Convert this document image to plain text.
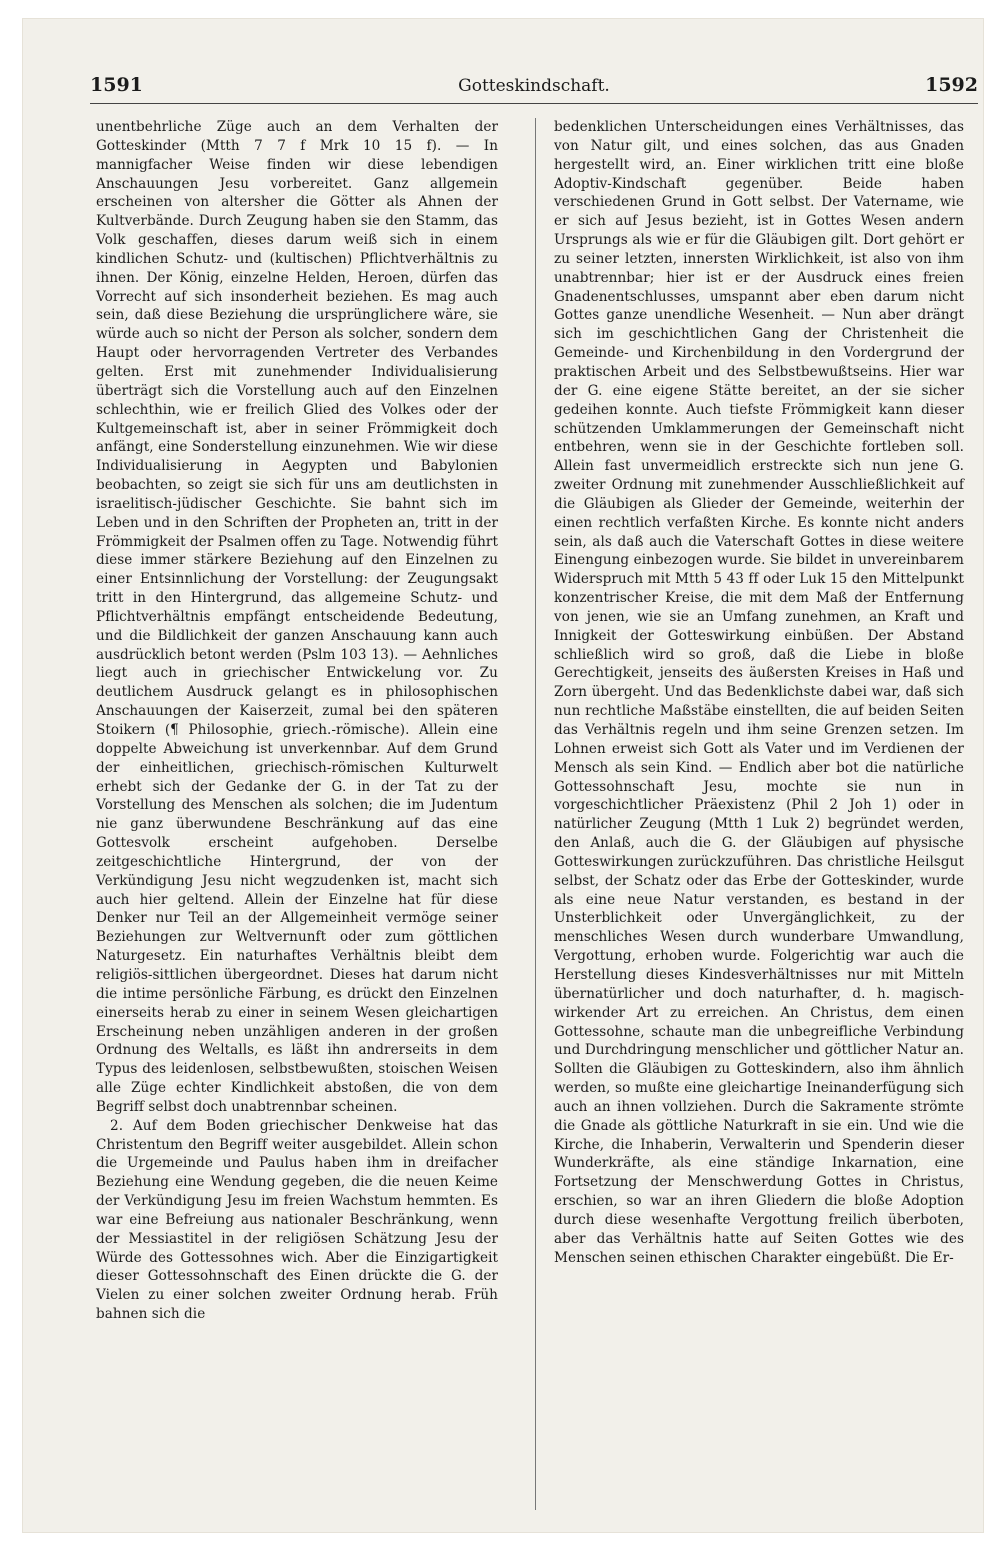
1591	Gotteskindschaft.	1592

unentbehrliche Züge auch an dem Verhalten der Gotteskinder (Mtth 7 7 f Mrk 10 15 f). — In mannigfacher Weise finden wir diese lebendigen Anschauungen Jesu vorbereitet. Ganz allgemein erscheinen von altersher die Götter als Ahnen der Kultverbände. Durch Zeugung haben sie den Stamm, das Volk geschaffen, dieses darum weiß sich in einem kindlichen Schutz- und (kultischen) Pflichtverhältnis zu ihnen. Der König, einzelne Helden, Heroen, dürfen das Vorrecht auf sich insonderheit beziehen. Es mag auch sein, daß diese Beziehung die ursprünglichere wäre, sie würde auch so nicht der Person als solcher, sondern dem Haupt oder hervorragenden Vertreter des Verbandes gelten. Erst mit zunehmender Individualisierung überträgt sich die Vorstellung auch auf den Einzelnen schlechthin, wie er freilich Glied des Volkes oder der Kultgemeinschaft ist, aber in seiner Frömmigkeit doch anfängt, eine Sonderstellung einzunehmen. Wie wir diese Individualisierung in Aegypten und Babylonien beobachten, so zeigt sie sich für uns am deutlichsten in israelitisch-jüdischer Geschichte. Sie bahnt sich im Leben und in den Schriften der Propheten an, tritt in der Frömmigkeit der Psalmen offen zu Tage. Notwendig führt diese immer stärkere Beziehung auf den Einzelnen zu einer Entsinnlichung der Vorstellung: der Zeugungsakt tritt in den Hintergrund, das allgemeine Schutz- und Pflichtverhältnis empfängt entscheidende Bedeutung, und die Bildlichkeit der ganzen Anschauung kann auch ausdrücklich betont werden (Pslm 103 13). — Aehnliches liegt auch in griechischer Entwickelung vor. Zu deutlichem Ausdruck gelangt es in philosophischen Anschauungen der Kaiserzeit, zumal bei den späteren Stoikern (¶ Philosophie, griech.-römische). Allein eine doppelte Abweichung ist unverkennbar. Auf dem Grund der einheitlichen, griechisch-römischen Kulturwelt erhebt sich der Gedanke der G. in der Tat zu der Vorstellung des Menschen als solchen; die im Judentum nie ganz überwundene Beschränkung auf das eine Gottesvolk erscheint aufgehoben. Derselbe zeitgeschichtliche Hintergrund, der von der Verkündigung Jesu nicht wegzudenken ist, macht sich auch hier geltend. Allein der Einzelne hat für diese Denker nur Teil an der Allgemeinheit vermöge seiner Beziehungen zur Weltvernunft oder zum göttlichen Naturgesetz. Ein naturhaftes Verhältnis bleibt dem religiös-sittlichen übergeordnet. Dieses hat darum nicht die intime persönliche Färbung, es drückt den Einzelnen einerseits herab zu einer in seinem Wesen gleichartigen Erscheinung neben unzähligen anderen in der großen Ordnung des Weltalls, es läßt ihn andrerseits in dem Typus des leidenlosen, selbstbewußten, stoischen Weisen alle Züge echter Kindlichkeit abstoßen, die von dem Begriff selbst doch unabtrennbar scheinen.

2. Auf dem Boden griechischer Denkweise hat das Christentum den Begriff weiter ausgebildet. Allein schon die Urgemeinde und Paulus haben ihm in dreifacher Beziehung eine Wendung gegeben, die die neuen Keime der Verkündigung Jesu im freien Wachstum hemmten. Es war eine Befreiung aus nationaler Beschränkung, wenn der Messiastitel in der religiösen Schätzung Jesu der Würde des Gottessohnes wich. Aber die Einzigartigkeit dieser Gottessohnschaft des Einen drückte die G. der Vielen zu einer solchen zweiter Ordnung herab. Früh bahnen sich die

bedenklichen Unterscheidungen eines Verhältnisses, das von Natur gilt, und eines solchen, das aus Gnaden hergestellt wird, an. Einer wirklichen tritt eine bloße Adoptiv-Kindschaft gegenüber. Beide haben verschiedenen Grund in Gott selbst. Der Vatername, wie er sich auf Jesus bezieht, ist in Gottes Wesen andern Ursprungs als wie er für die Gläubigen gilt. Dort gehört er zu seiner letzten, innersten Wirklichkeit, ist also von ihm unabtrennbar; hier ist er der Ausdruck eines freien Gnadenentschlusses, umspannt aber eben darum nicht Gottes ganze unendliche Wesenheit. — Nun aber drängt sich im geschichtlichen Gang der Christenheit die Gemeinde- und Kirchenbildung in den Vordergrund der praktischen Arbeit und des Selbstbewußtseins. Hier war der G. eine eigene Stätte bereitet, an der sie sicher gedeihen konnte. Auch tiefste Frömmigkeit kann dieser schützenden Umklammerungen der Gemeinschaft nicht entbehren, wenn sie in der Geschichte fortleben soll. Allein fast unvermeidlich erstreckte sich nun jene G. zweiter Ordnung mit zunehmender Ausschließlichkeit auf die Gläubigen als Glieder der Gemeinde, weiterhin der einen rechtlich verfaßten Kirche. Es konnte nicht anders sein, als daß auch die Vaterschaft Gottes in diese weitere Einengung einbezogen wurde. Sie bildet in unvereinbarem Widerspruch mit Mtth 5 43 ff oder Luk 15 den Mittelpunkt konzentrischer Kreise, die mit dem Maß der Entfernung von jenen, wie sie an Umfang zunehmen, an Kraft und Innigkeit der Gotteswirkung einbüßen. Der Abstand schließlich wird so groß, daß die Liebe in bloße Gerechtigkeit, jenseits des äußersten Kreises in Haß und Zorn übergeht. Und das Bedenklichste dabei war, daß sich nun rechtliche Maßstäbe einstellten, die auf beiden Seiten das Verhältnis regeln und ihm seine Grenzen setzen. Im Lohnen erweist sich Gott als Vater und im Verdienen der Mensch als sein Kind. — Endlich aber bot die natürliche Gottessohnschaft Jesu, mochte sie nun in vorgeschichtlicher Präexistenz (Phil 2 Joh 1) oder in natürlicher Zeugung (Mtth 1 Luk 2) begründet werden, den Anlaß, auch die G. der Gläubigen auf physische Gotteswirkungen zurückzuführen. Das christliche Heilsgut selbst, der Schatz oder das Erbe der Gotteskinder, wurde als eine neue Natur verstanden, es bestand in der Unsterblichkeit oder Unvergänglichkeit, zu der menschliches Wesen durch wunderbare Umwandlung, Vergottung, erhoben wurde. Folgerichtig war auch die Herstellung dieses Kindesverhältnisses nur mit Mitteln übernatürlicher und doch naturhafter, d. h. magisch-wirkender Art zu erreichen. An Christus, dem einen Gottessohne, schaute man die unbegreifliche Verbindung und Durchdringung menschlicher und göttlicher Natur an. Sollten die Gläubigen zu Gotteskindern, also ihm ähnlich werden, so mußte eine gleichartige Ineinanderfügung sich auch an ihnen vollziehen. Durch die Sakramente strömte die Gnade als göttliche Naturkraft in sie ein. Und wie die Kirche, die Inhaberin, Verwalterin und Spenderin dieser Wunderkräfte, als eine ständige Inkarnation, eine Fortsetzung der Menschwerdung Gottes in Christus, erschien, so war an ihren Gliedern die bloße Adoption durch diese wesenhafte Vergottung freilich überboten, aber das Verhältnis hatte auf Seiten Gottes wie des Menschen seinen ethischen Charakter eingebüßt. Die Er-
